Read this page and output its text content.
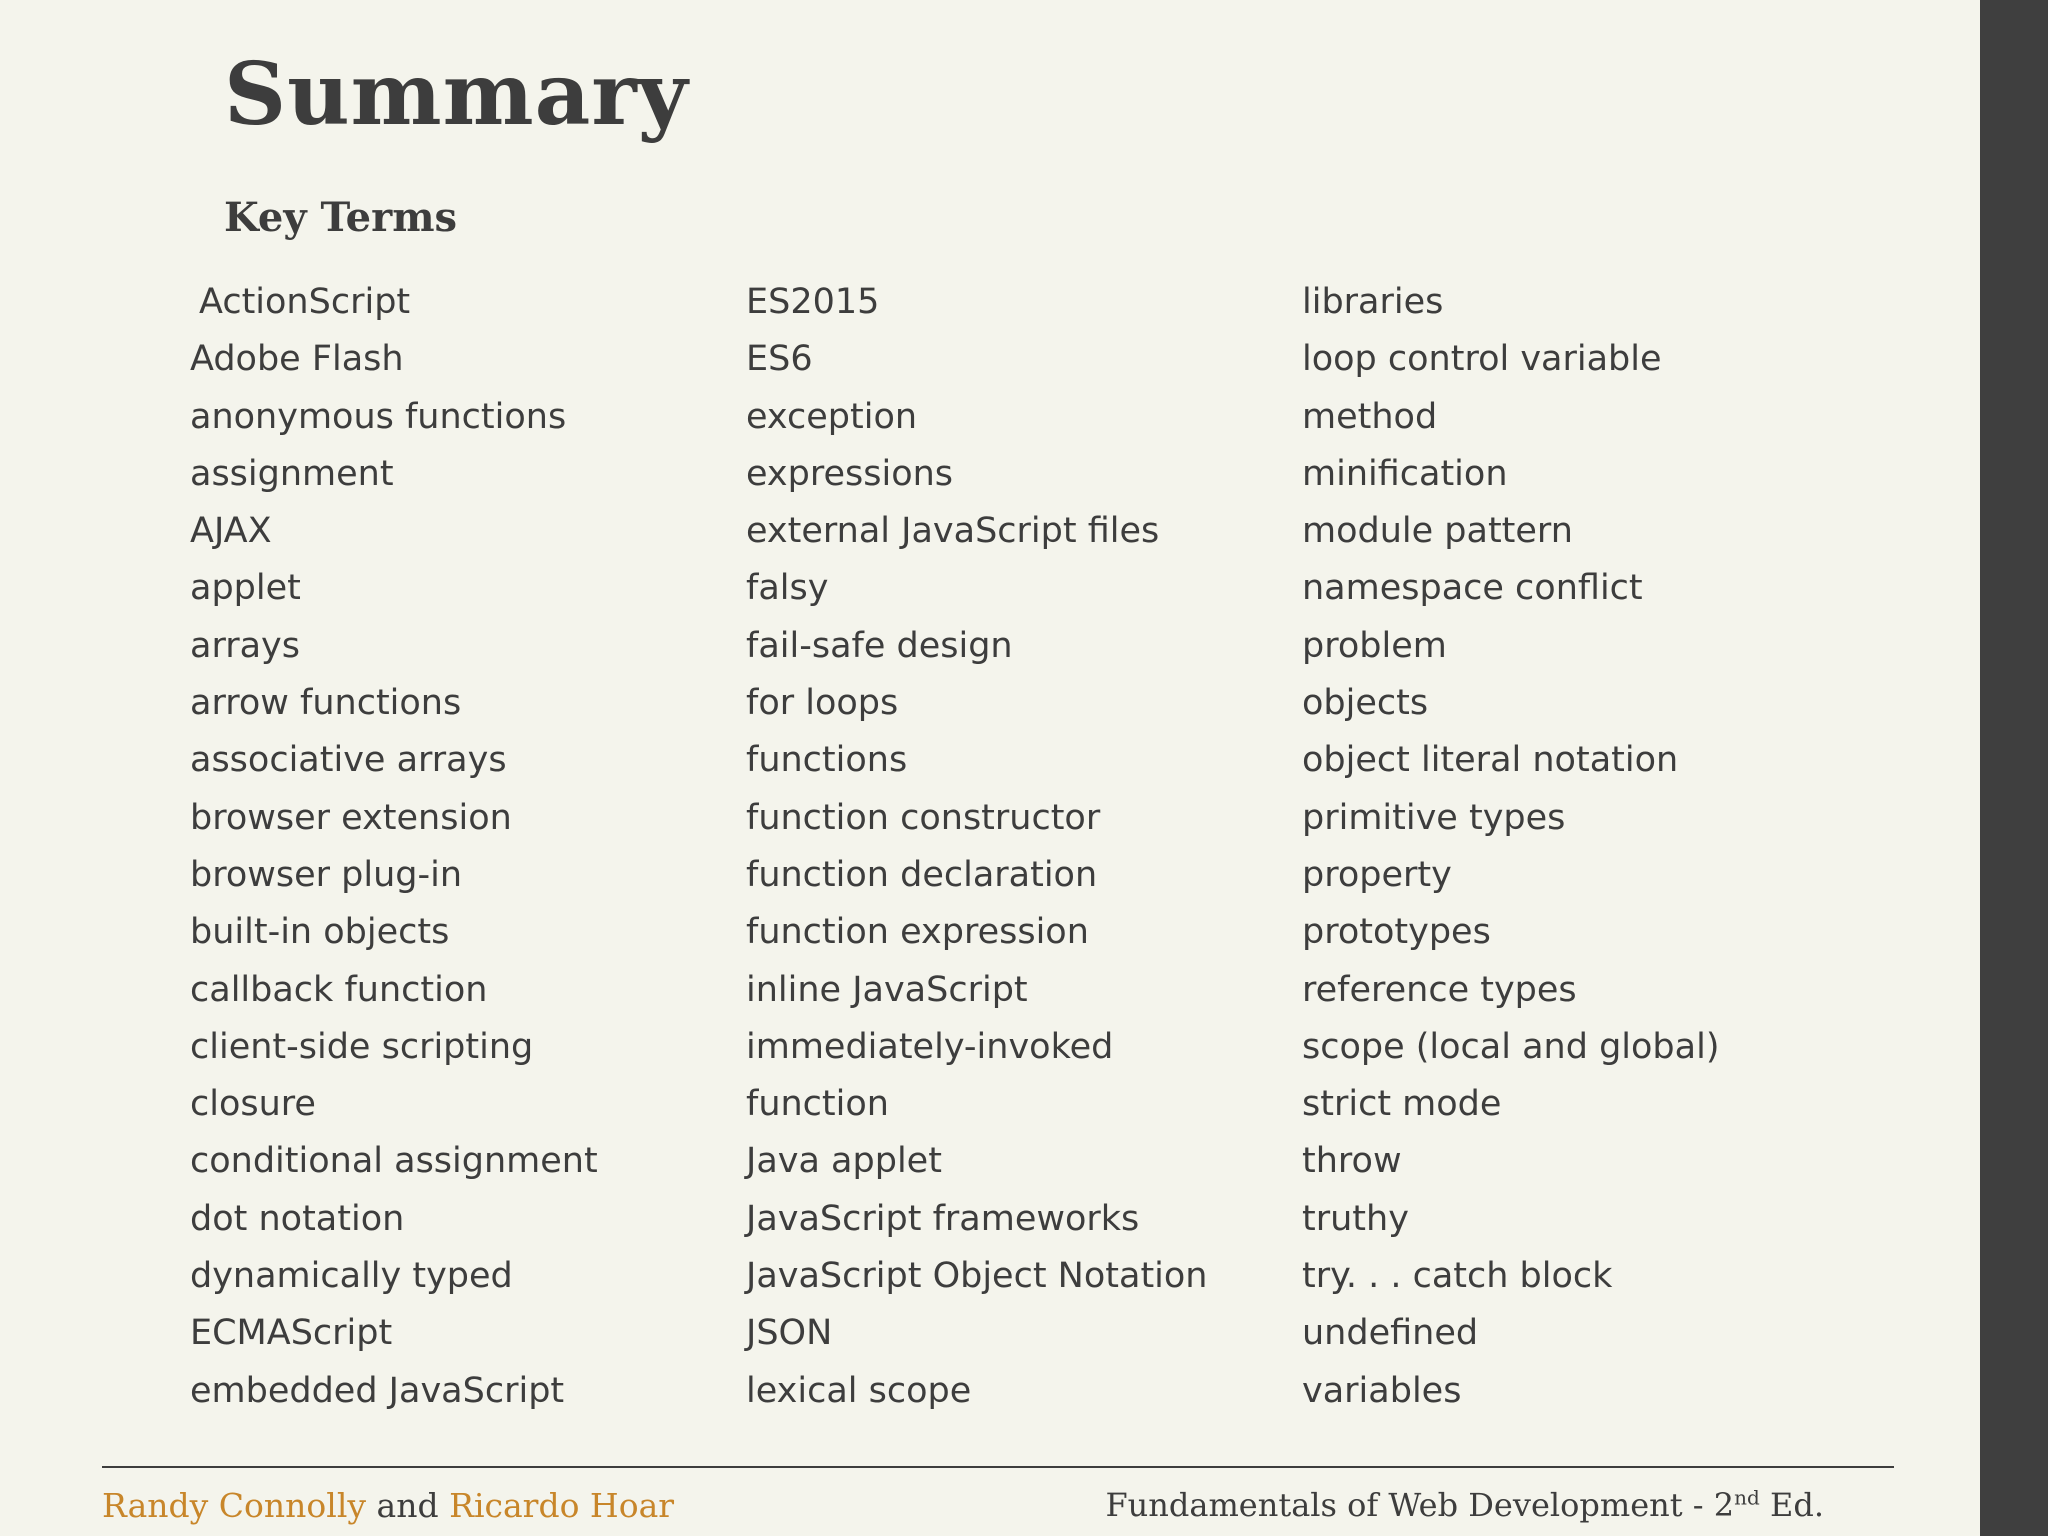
Summary
Key Terms
ActionScript
Adobe Flash
anonymous functions
assignment
AJAX
applet
arrays
arrow functions
associative arrays
browser extension
browser plug-in
built-in objects
callback function
client-side scripting
closure
conditional assignment
dot notation
dynamically typed
ECMAScript
embedded JavaScript
ES2015
ES6
exception
expressions
external JavaScript files
falsy
fail-safe design
for loops
functions
function constructor
function declaration
function expression
inline JavaScript
immediately-invoked
function
Java applet
JavaScript frameworks
JavaScript Object Notation
JSON
lexical scope
libraries
loop control variable
method
minification
module pattern
namespace conflict
problem
objects
object literal notation
primitive types
property
prototypes
reference types
scope (local and global)
strict mode
throw
truthy
try. . . catch block
undefined
variables
Randy Connolly and Ricardo Hoar	Fundamentals of Web Development - 2nd Ed.
